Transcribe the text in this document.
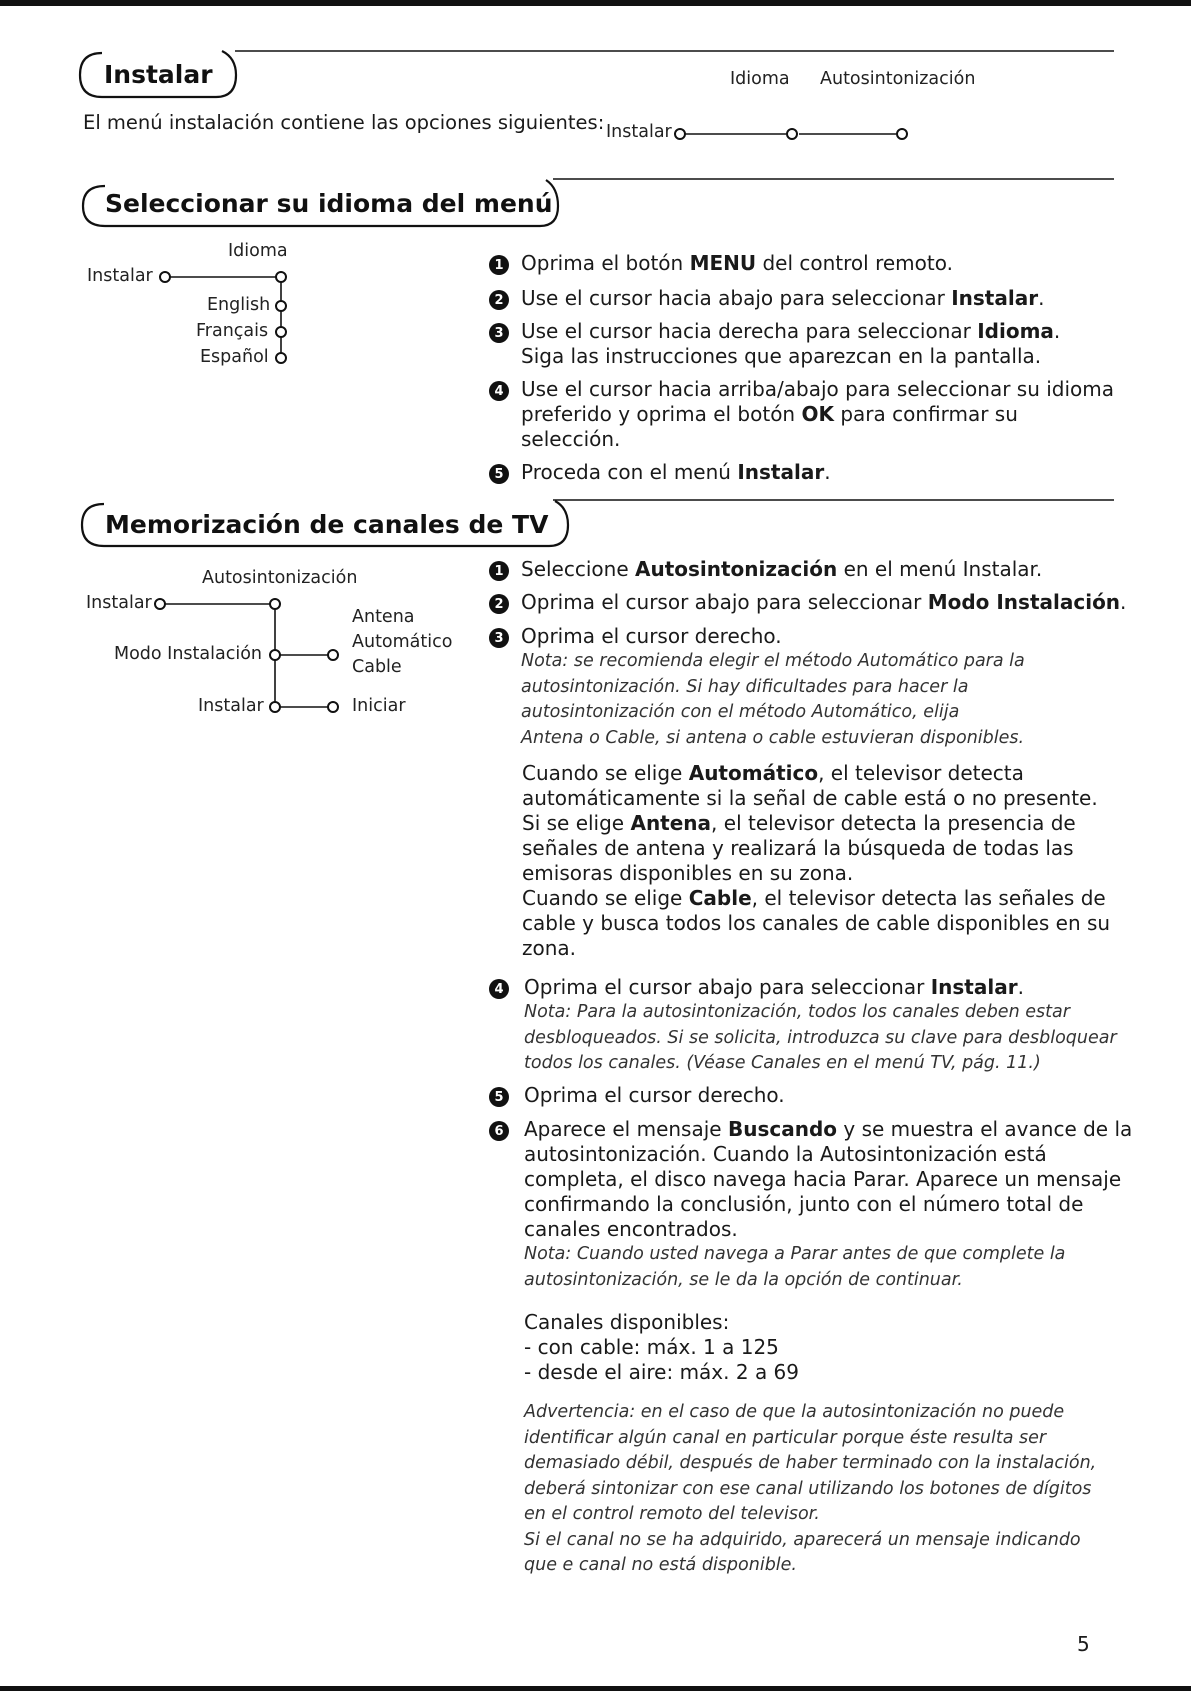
Instalar
El menú instalación contiene las opciones siguientes:
Idioma Autosintonización
Instalar
Seleccionar su idioma del menú
Idioma
Instalar
English
Français
Español
1 Oprima el botón MENU del control remoto.
2 Use el cursor hacia abajo para seleccionar Instalar.
3 Use el cursor hacia derecha para seleccionar Idioma.
Siga las instrucciones que aparezcan en la pantalla.
4 Use el cursor hacia arriba/abajo para seleccionar su idioma
preferido y oprima el botón OK para confirmar su
selección.
5 Proceda con el menú Instalar.
Memorización de canales de TV
Autosintonización
Instalar
Modo Instalación
Instalar
Antena
Automático
Cable
Iniciar
1 Seleccione Autosintonización en el menú Instalar.
2 Oprima el cursor abajo para seleccionar Modo Instalación.
3 Oprima el cursor derecho.
Nota: se recomienda elegir el método Automático para la
autosintonización. Si hay dificultades para hacer la
autosintonización con el método Automático, elija
Antena o Cable, si antena o cable estuvieran disponibles.
Cuando se elige Automático, el televisor detecta
automáticamente si la señal de cable está o no presente.
Si se elige Antena, el televisor detecta la presencia de
señales de antena y realizará la búsqueda de todas las
emisoras disponibles en su zona.
Cuando se elige Cable, el televisor detecta las señales de
cable y busca todos los canales de cable disponibles en su
zona.
4 Oprima el cursor abajo para seleccionar Instalar.
Nota: Para la autosintonización, todos los canales deben estar
desbloqueados. Si se solicita, introduzca su clave para desbloquear
todos los canales. (Véase Canales en el menú TV, pág. 11.)
5 Oprima el cursor derecho.
6 Aparece el mensaje Buscando y se muestra el avance de la
autosintonización. Cuando la Autosintonización está
completa, el disco navega hacia Parar. Aparece un mensaje
confirmando la conclusión, junto con el número total de
canales encontrados.
Nota: Cuando usted navega a Parar antes de que complete la
autosintonización, se le da la opción de continuar.
Canales disponibles:
- con cable: máx. 1 a 125
- desde el aire: máx. 2 a 69
Advertencia: en el caso de que la autosintonización no puede
identificar algún canal en particular porque éste resulta ser
demasiado débil, después de haber terminado con la instalación,
deberá sintonizar con ese canal utilizando los botones de dígitos
en el control remoto del televisor.
Si el canal no se ha adquirido, aparecerá un mensaje indicando
que e canal no está disponible.
5
